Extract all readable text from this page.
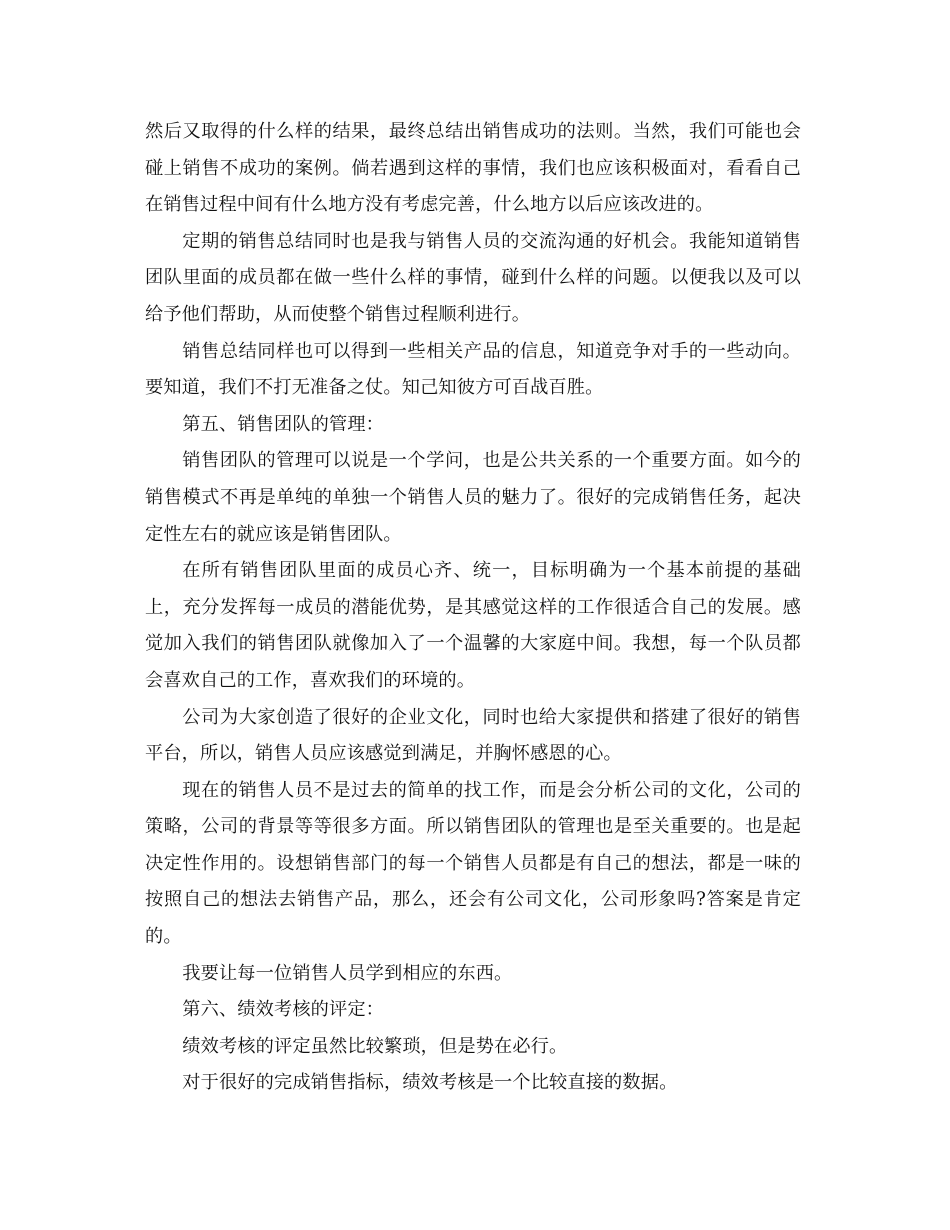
然后又取得的什么样的结果，最终总结出销售成功的法则。当然，我们可能也会碰上销售不成功的案例。倘若遇到这样的事情，我们也应该积极面对，看看自己在销售过程中间有什么地方没有考虑完善，什么地方以后应该改进的。

定期的销售总结同时也是我与销售人员的交流沟通的好机会。我能知道销售团队里面的成员都在做一些什么样的事情，碰到什么样的问题。以便我以及可以给予他们帮助，从而使整个销售过程顺利进行。

销售总结同样也可以得到一些相关产品的信息，知道竞争对手的一些动向。要知道，我们不打无准备之仗。知己知彼方可百战百胜。

第五、销售团队的管理：

销售团队的管理可以说是一个学问，也是公共关系的一个重要方面。如今的销售模式不再是单纯的单独一个销售人员的魅力了。很好的完成销售任务，起决定性左右的就应该是销售团队。

在所有销售团队里面的成员心齐、统一，目标明确为一个基本前提的基础上，充分发挥每一成员的潜能优势，是其感觉这样的工作很适合自己的发展。感觉加入我们的销售团队就像加入了一个温馨的大家庭中间。我想，每一个队员都会喜欢自己的工作，喜欢我们的环境的。

公司为大家创造了很好的企业文化，同时也给大家提供和搭建了很好的销售平台，所以，销售人员应该感觉到满足，并胸怀感恩的心。

现在的销售人员不是过去的简单的找工作，而是会分析公司的文化，公司的策略，公司的背景等等很多方面。所以销售团队的管理也是至关重要的。也是起决定性作用的。设想销售部门的每一个销售人员都是有自己的想法，都是一味的按照自己的想法去销售产品，那么，还会有公司文化，公司形象吗?答案是肯定的。

我要让每一位销售人员学到相应的东西。

第六、绩效考核的评定：

绩效考核的评定虽然比较繁琐，但是势在必行。

对于很好的完成销售指标，绩效考核是一个比较直接的数据。
